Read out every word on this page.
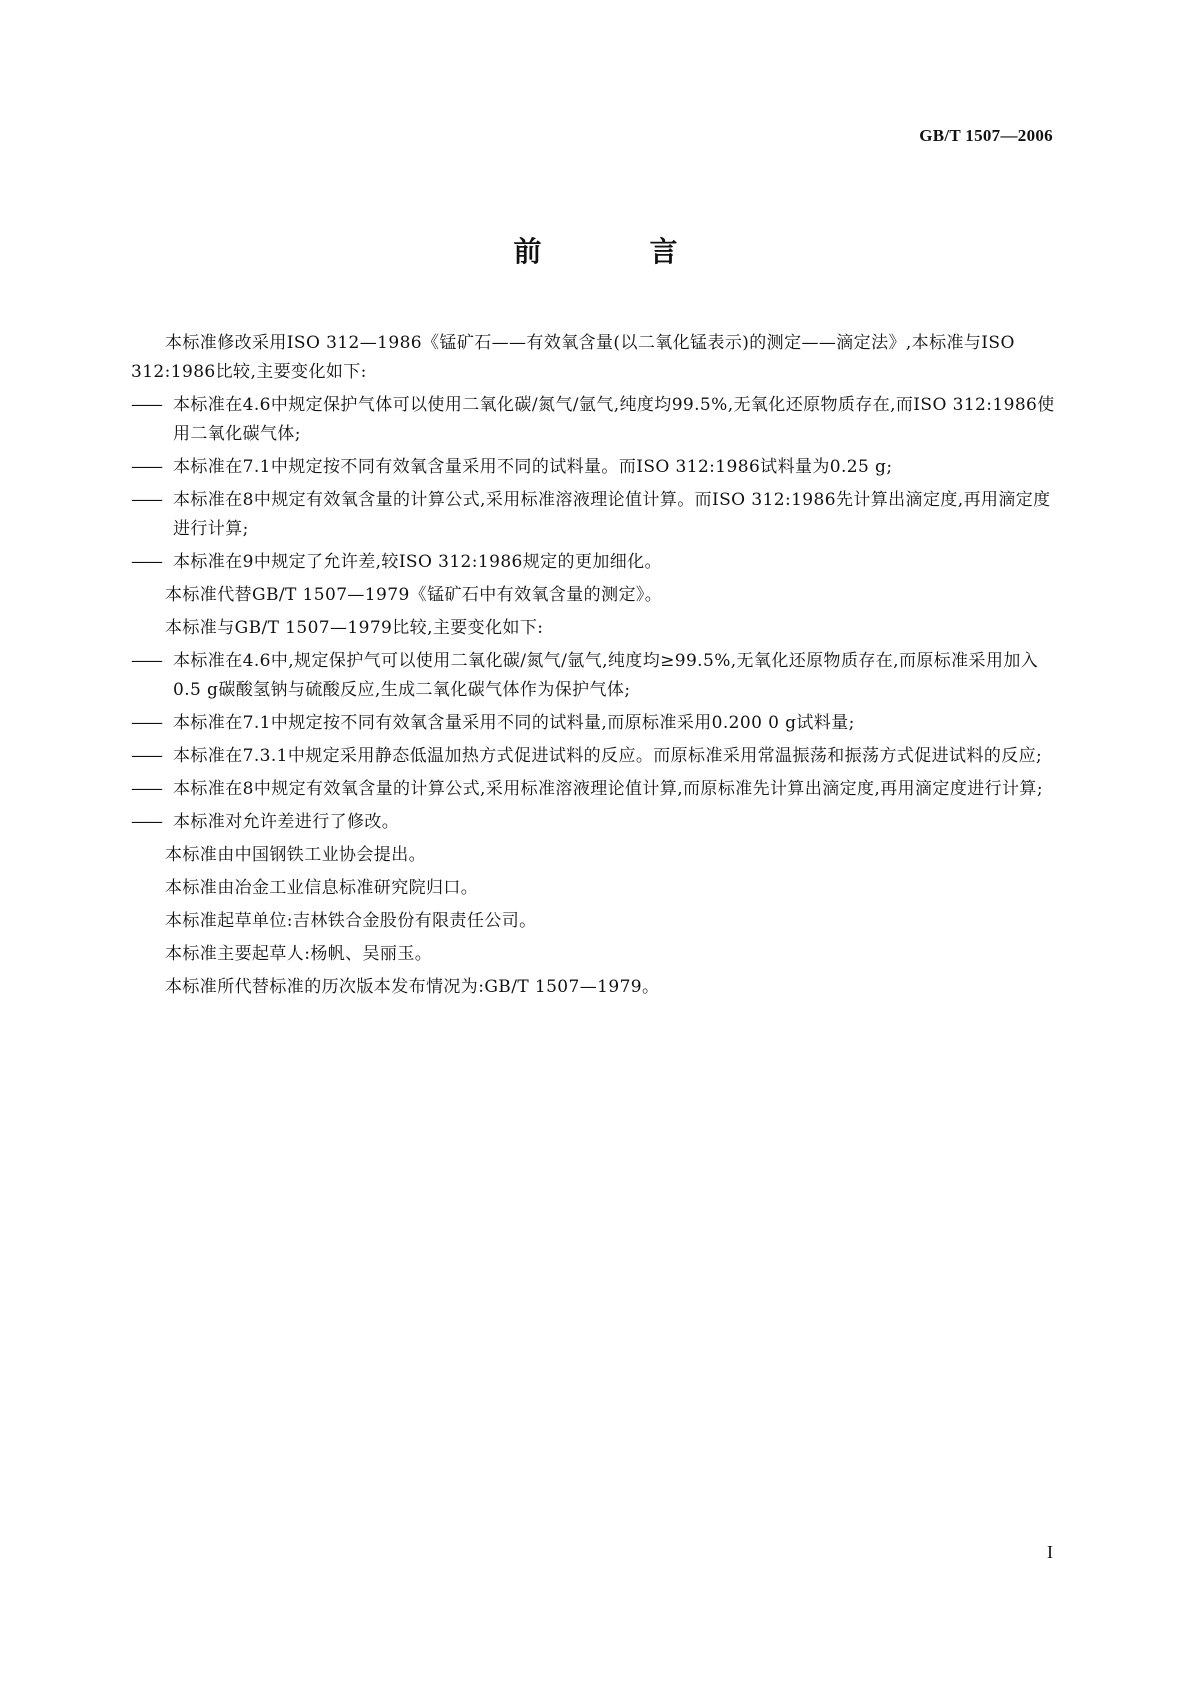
GB/T 1507—2006
前　言

本标准修改采用ISO 312—1986《锰矿石——有效氧含量(以二氧化锰表示)的测定——滴定法》,本标准与ISO 312:1986比较,主要变化如下:

—— 本标准在4.6中规定保护气体可以使用二氧化碳/氮气/氩气,纯度均99.5%,无氧化还原物质存在,而ISO 312:1986使用二氧化碳气体;

—— 本标准在7.1中规定按不同有效氧含量采用不同的试料量。而ISO 312:1986试料量为0.25 g;

—— 本标准在8中规定有效氧含量的计算公式,采用标准溶液理论值计算。而ISO 312:1986先计算出滴定度,再用滴定度进行计算;

—— 本标准在9中规定了允许差,较ISO 312:1986规定的更加细化。

本标准代替GB/T 1507—1979《锰矿石中有效氧含量的测定》。

本标准与GB/T 1507—1979比较,主要变化如下:

—— 本标准在4.6中,规定保护气可以使用二氧化碳/氮气/氩气,纯度均≥99.5%,无氧化还原物质存在,而原标准采用加入0.5 g碳酸氢钠与硫酸反应,生成二氧化碳气体作为保护气体;

—— 本标准在7.1中规定按不同有效氧含量采用不同的试料量,而原标准采用0.200 0 g试料量;

—— 本标准在7.3.1中规定采用静态低温加热方式促进试料的反应。而原标准采用常温振荡和振荡方式促进试料的反应;

—— 本标准在8中规定有效氧含量的计算公式,采用标准溶液理论值计算,而原标准先计算出滴定度,再用滴定度进行计算;

—— 本标准对允许差进行了修改。

本标准由中国钢铁工业协会提出。

本标准由冶金工业信息标准研究院归口。

本标准起草单位:吉林铁合金股份有限责任公司。

本标准主要起草人:杨帆、吴丽玉。

本标准所代替标准的历次版本发布情况为:GB/T 1507—1979。

I
